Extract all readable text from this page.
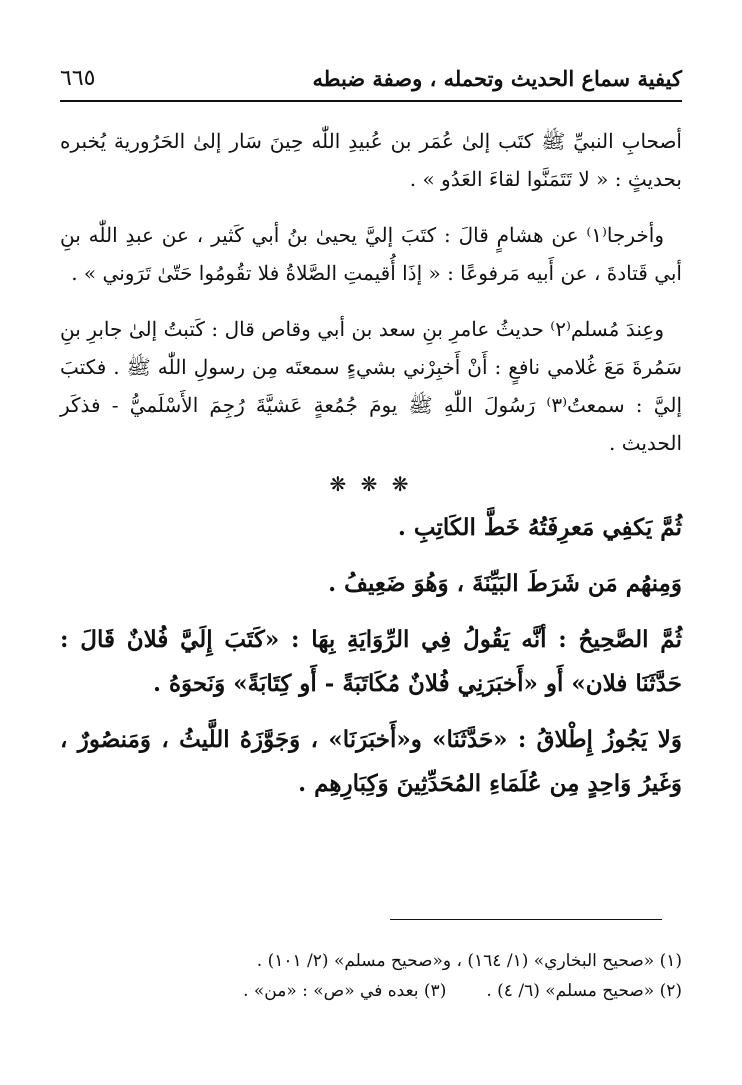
٦٦٥	كيفية سماع الحديث وتحمله ، وصفة ضبطه

أصحابِ النبيِّ ﷺ كتَب إلىٰ عُمَر بن عُبيدِ اللّٰه حِينَ سَار إلىٰ الحَرُورية يُخبره بحديثٍ : « لا تَتَمَنَّوا لقاءَ العَدُو » .

وأخرجا⁽١⁾ عن هشامٍ قالَ : كتَبَ إليَّ يحيىٰ بنُ أبي كَثير ، عن عبدِ اللّٰه بنِ أبي قَتادةَ ، عن أَبيه مَرفوعًا : « إذَا أُقيمتِ الصَّلاةُ فلا تقُومُوا حَتّىٰ تَرَوني » .

وعِندَ مُسلم⁽٢⁾ حديثُ عامرِ بنِ سعد بن أبي وقاص قال : كَتبتُ إلىٰ جابرِ بنِ سَمُرةَ مَعَ غُلامي نافعٍ : أَنْ أَخبِرْني بشيءٍ سمعتَه مِن رسولِ اللّٰه ﷺ . فكتبَ إليَّ : سمعتُ⁽٣⁾ رَسُولَ اللّٰهِ ﷺ يومَ جُمُعةٍ عَشيَّةَ رُجِمَ الأَسْلَميُّ - فذكَر الحديث .

❋ ❋ ❋

ثُمَّ يَكفِي مَعرِفَتُهُ خَطَّ الكَاتِبِ .

وَمِنهُم مَن شَرَطَ البَيِّنَةَ ، وَهُوَ ضَعِيفُ .

ثُمَّ الصَّحِيحُ : أنَّه يَقُولُ فِي الرِّوَايَةِ بِهَا : «كَتَبَ إِلَيَّ فُلانٌ قَالَ : حَدَّثَنَا فلان» أَو «أَخبَرَنِي فُلانٌ مُكَاتَبَةً - أَو كِتَابَةً» وَنَحوَهُ .

وَلا يَجُوزُ إِطْلاقُ : «حَدَّثَنَا» و«أَخبَرَنَا» ، وَجَوَّزَهُ اللَّيثُ ، وَمَنصُورٌ ، وَغَيرُ وَاحِدٍ مِن عُلَمَاءِ المُحَدِّثِينَ وَكِبَارِهِم .

(١) «صحيح البخاري» (١/ ١٦٤) ، و«صحيح مسلم» (٢/ ١٠١) .
(٢) «صحيح مسلم» (٦/ ٤) .
(٣) بعده في «ص» : «من» .
